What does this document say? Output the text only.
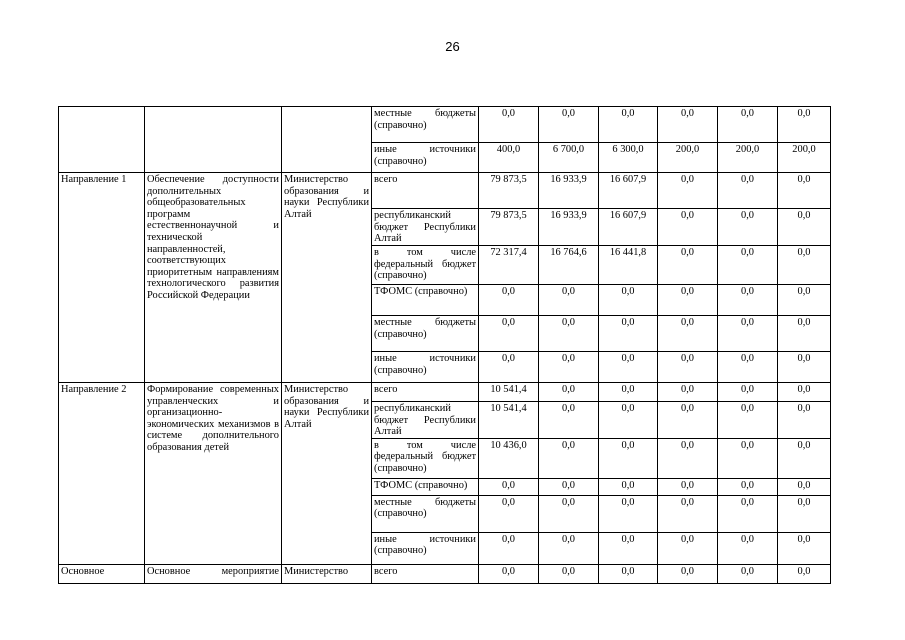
26
			местные бюджеты (справочно)	0,0	0,0	0,0	0,0	0,0	0,0
			иные источники (справочно)	400,0	6 700,0	6 300,0	200,0	200,0	200,0
Направление 1	Обеспечение доступности дополнительных общеобразовательных программ естественнонаучной и технической направленностей, соответствующих приоритетным направлениям технологического развития Российской Федерации	Министерство образования и науки Республики Алтай	всего	79 873,5	16 933,9	16 607,9	0,0	0,0	0,0
			республиканский бюджет Республики Алтай	79 873,5	16 933,9	16 607,9	0,0	0,0	0,0
			в том числе федеральный бюджет (справочно)	72 317,4	16 764,6	16 441,8	0,0	0,0	0,0
			ТФОМС (справочно)	0,0	0,0	0,0	0,0	0,0	0,0
			местные бюджеты (справочно)	0,0	0,0	0,0	0,0	0,0	0,0
			иные источники (справочно)	0,0	0,0	0,0	0,0	0,0	0,0
Направление 2	Формирование современных управленческих и организационно-экономических механизмов в системе дополнительного образования детей	Министерство образования и науки Республики Алтай	всего	10 541,4	0,0	0,0	0,0	0,0	0,0
			республиканский бюджет Республики Алтай	10 541,4	0,0	0,0	0,0	0,0	0,0
			в том числе федеральный бюджет (справочно)	10 436,0	0,0	0,0	0,0	0,0	0,0
			ТФОМС (справочно)	0,0	0,0	0,0	0,0	0,0	0,0
			местные бюджеты (справочно)	0,0	0,0	0,0	0,0	0,0	0,0
			иные источники (справочно)	0,0	0,0	0,0	0,0	0,0	0,0
Основное	Основное мероприятие	Министерство	всего	0,0	0,0	0,0	0,0	0,0	0,0
